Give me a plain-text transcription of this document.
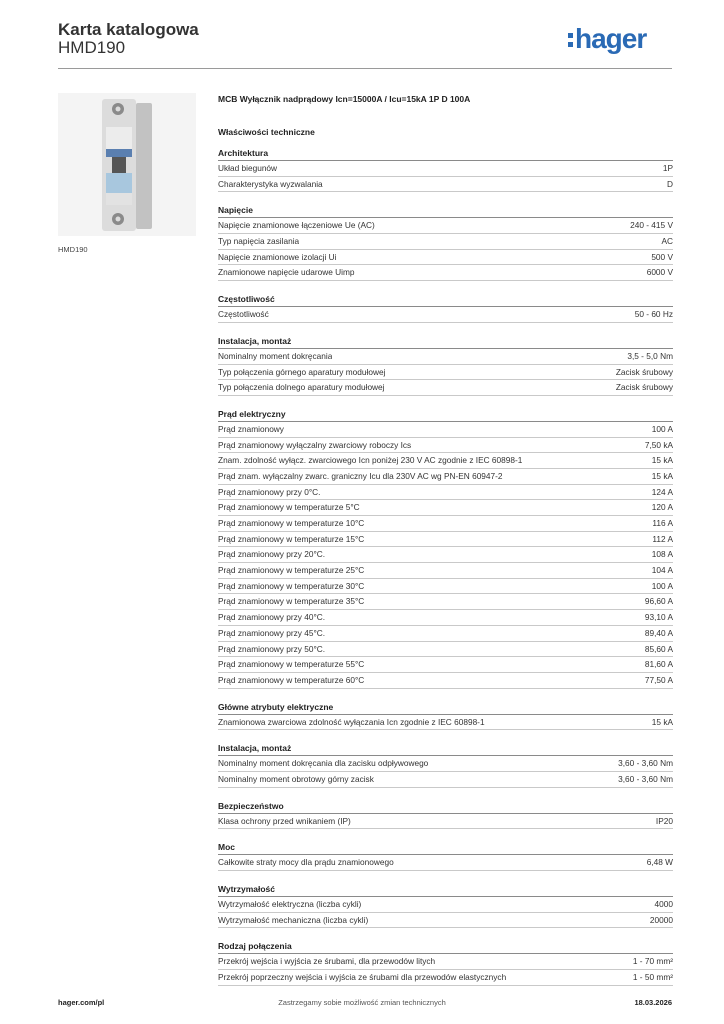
Karta katalogowa
HMD190	hager
HMD190
MCB Wyłącznik nadprądowy Icn=15000A / Icu=15kA 1P D 100A
Właściwości techniczne
Architektura
Układ biegunów	1P
Charakterystyka wyzwalania	D
Napięcie
Napięcie znamionowe łączeniowe Ue (AC)	240 - 415 V
Typ napięcia zasilania	AC
Napięcie znamionowe izolacji Ui	500 V
Znamionowe napięcie udarowe Uimp	6000 V
Częstotliwość
Częstotliwość	50 - 60 Hz
Instalacja, montaż
Nominalny moment dokręcania	3,5 - 5,0 Nm
Typ połączenia górnego aparatury modułowej	Zacisk śrubowy
Typ połączenia dolnego aparatury modułowej	Zacisk śrubowy
Prąd elektryczny
Prąd znamionowy	100 A
Prąd znamionowy wyłączalny zwarciowy roboczy Ics	7,50 kA
Znam. zdolność wyłącz. zwarciowego Icn poniżej 230 V AC zgodnie z IEC 60898-1	15 kA
Prąd znam. wyłączalny zwarc. graniczny Icu dla 230V AC wg PN-EN 60947-2	15 kA
Prąd znamionowy przy 0°C.	124 A
Prąd znamionowy w temperaturze 5°C	120 A
Prąd znamionowy w temperaturze 10°C	116 A
Prąd znamionowy w temperaturze 15°C	112 A
Prąd znamionowy przy 20°C.	108 A
Prąd znamionowy w temperaturze 25°C	104 A
Prąd znamionowy w temperaturze 30°C	100 A
Prąd znamionowy w temperaturze 35°C	96,60 A
Prąd znamionowy przy 40°C.	93,10 A
Prąd znamionowy przy 45°C.	89,40 A
Prąd znamionowy przy 50°C.	85,60 A
Prąd znamionowy w temperaturze 55°C	81,60 A
Prąd znamionowy w temperaturze 60°C	77,50 A
Główne atrybuty elektryczne
Znamionowa zwarciowa zdolność wyłączania Icn zgodnie z IEC 60898-1	15 kA
Instalacja, montaż
Nominalny moment dokręcania dla zacisku odpływowego	3,60 - 3,60 Nm
Nominalny moment obrotowy górny zacisk	3,60 - 3,60 Nm
Bezpieczeństwo
Klasa ochrony przed wnikaniem (IP)	IP20
Moc
Całkowite straty mocy dla prądu znamionowego	6,48 W
Wytrzymałość
Wytrzymałość elektryczna (liczba cykli)	4000
Wytrzymałość mechaniczna (liczba cykli)	20000
Rodzaj połączenia
Przekrój wejścia i wyjścia ze śrubami, dla przewodów litych	1 - 70 mm²
Przekrój poprzeczny wejścia i wyjścia ze śrubami dla przewodów elastycznych	1 - 50 mm²
hager.com/pl	Zastrzegamy sobie możliwość zmian technicznych	18.03.2026
